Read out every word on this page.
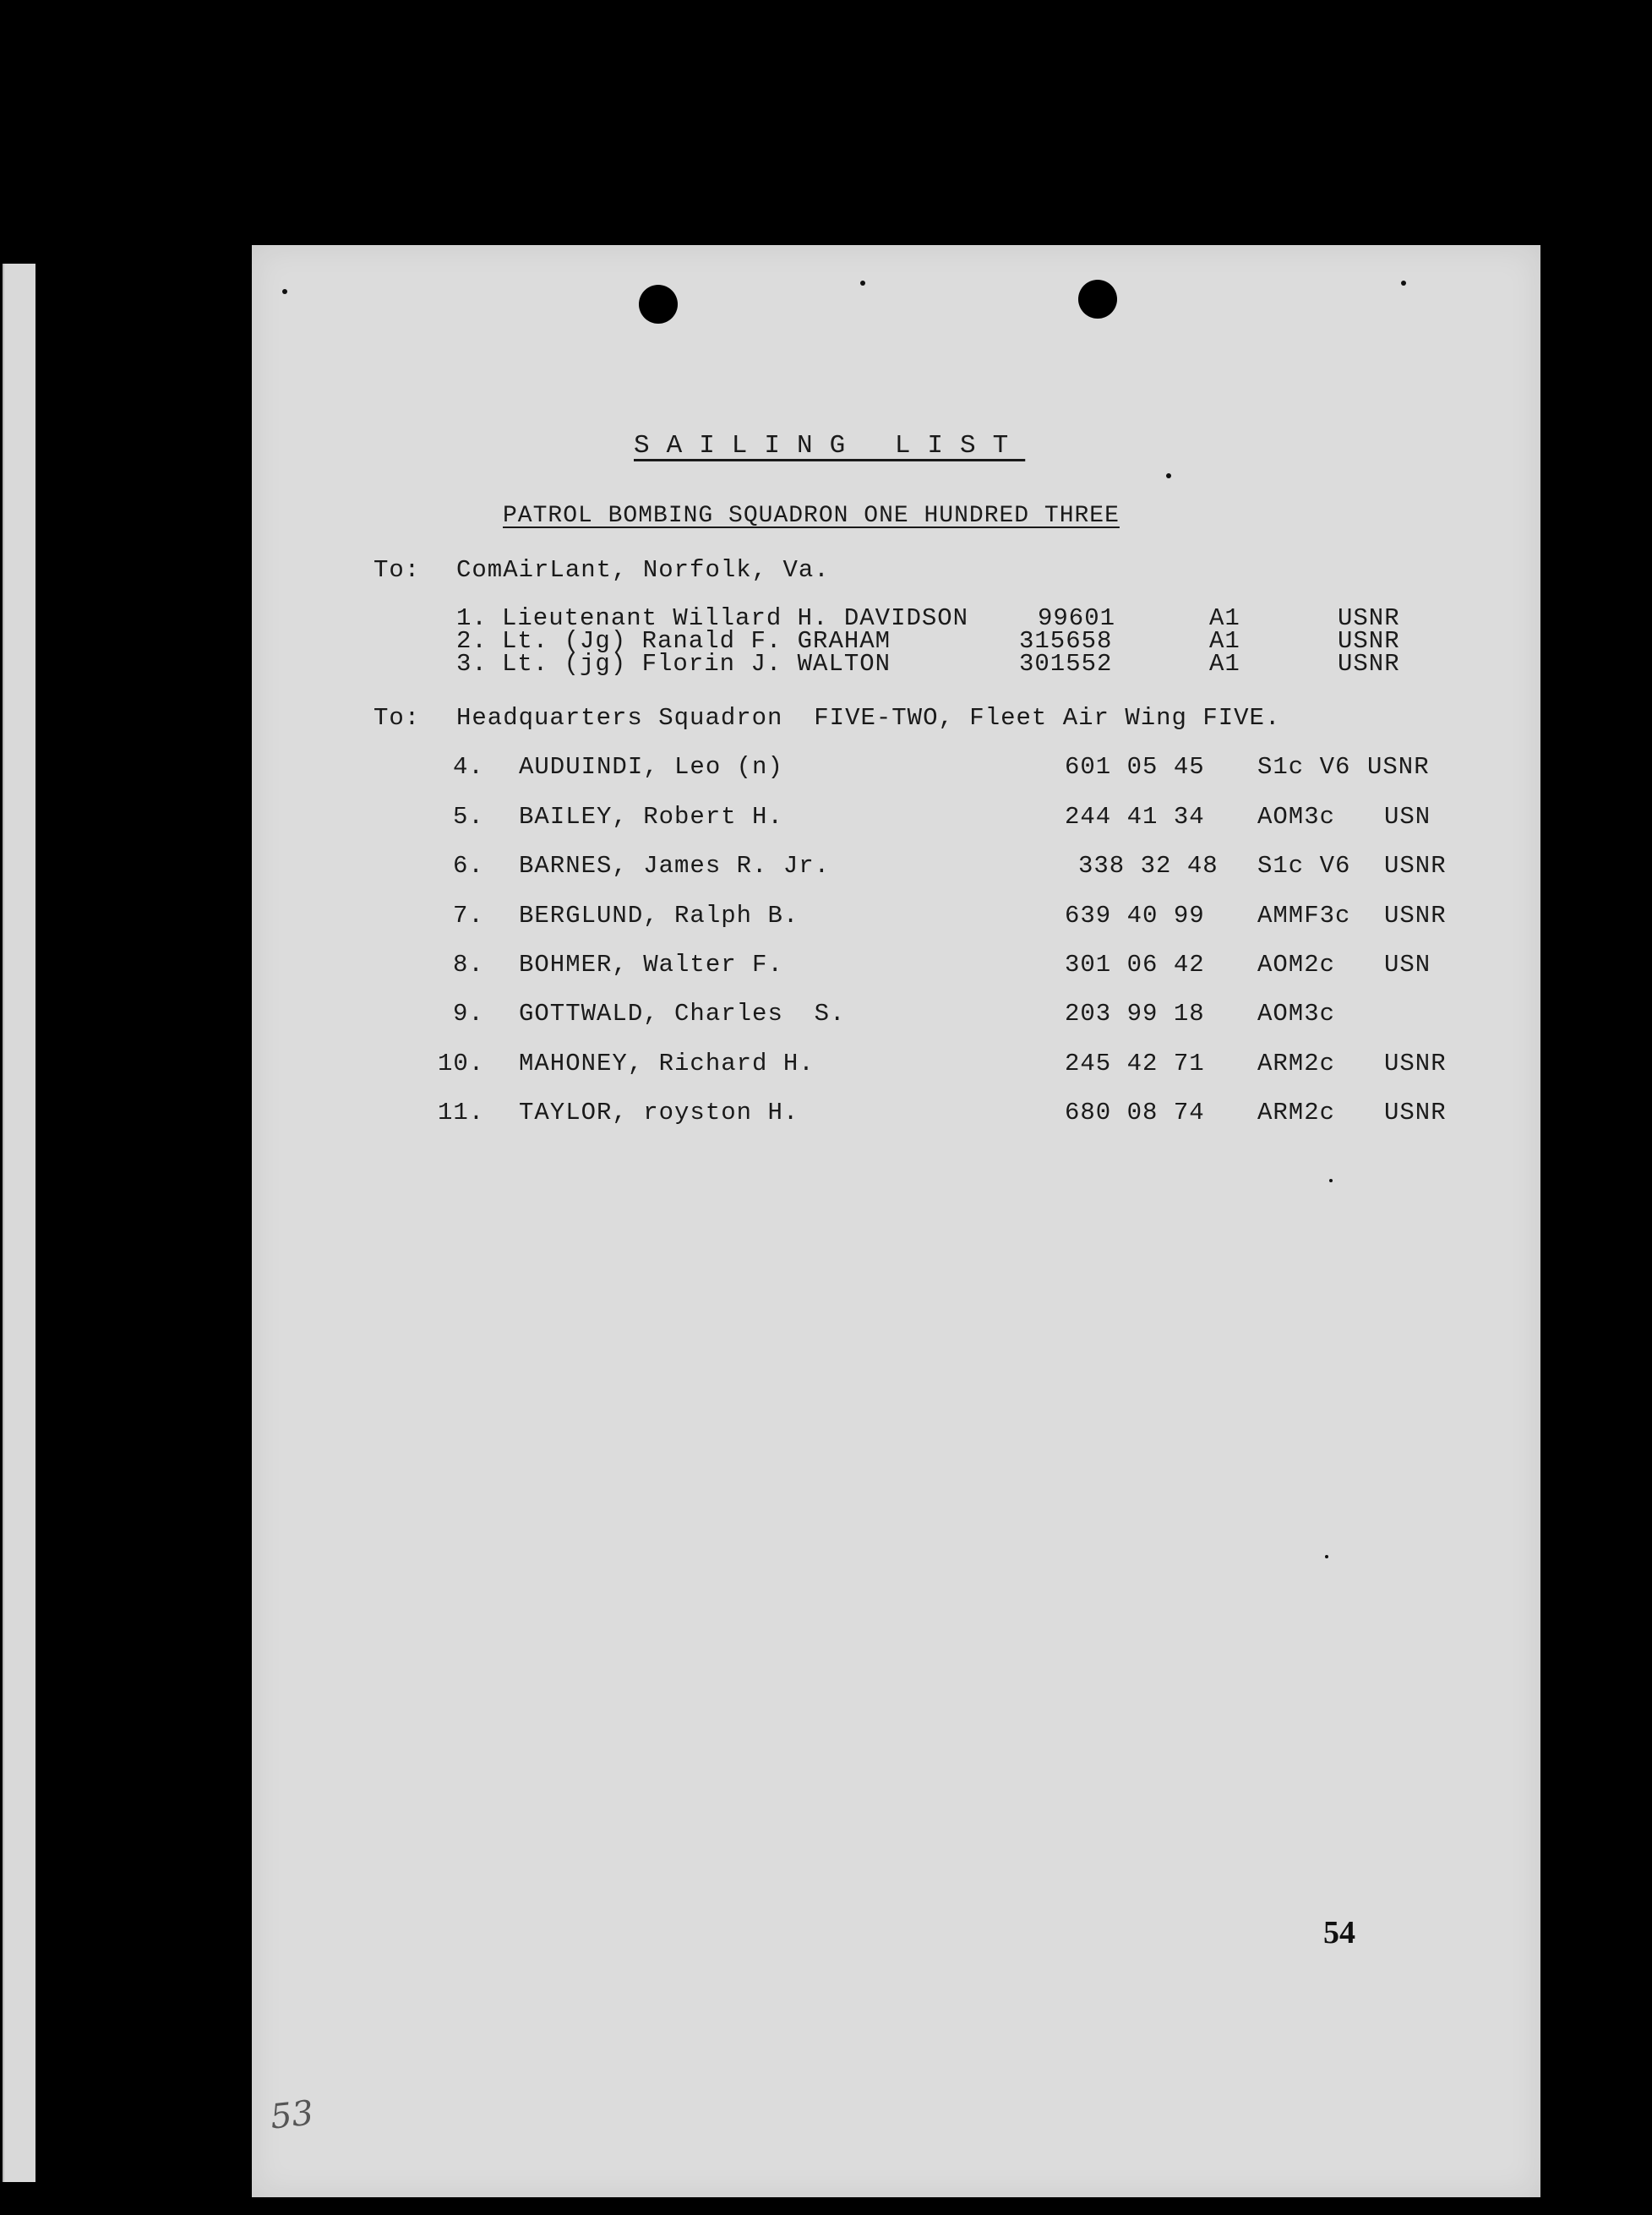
SAILING LIST
PATROL BOMBING SQUADRON ONE HUNDRED THREE
To: ComAirLant, Norfolk, Va.
1. Lieutenant Willard H. DAVIDSON	99601	A1	USNR
2. Lt. (Jg) Ranald F. GRAHAM	315658	A1	USNR
3. Lt. (jg) Florin J. WALTON	301552	A1	USNR
To: Headquarters Squadron  FIVE-TWO, Fleet Air Wing FIVE.
4. AUDUINDI, Leo (n)	601 05 45 S1c V6 USNR
5. BAILEY, Robert H.	244 41 34 AOM3c USN
6. BARNES, James R. Jr.	338 32 48 S1c V6 USNR
7. BERGLUND, Ralph B.	639 40 99 AMMF3c USNR
8. BOHMER, Walter F.	301 06 42 AOM2c USN
9. GOTTWALD, Charles  S.	203 99 18 AOM3c
10. MAHONEY, Richard H.	245 42 71 ARM2c USNR
11. TAYLOR, royston H.	680 08 74 ARM2c USNR
54
53
